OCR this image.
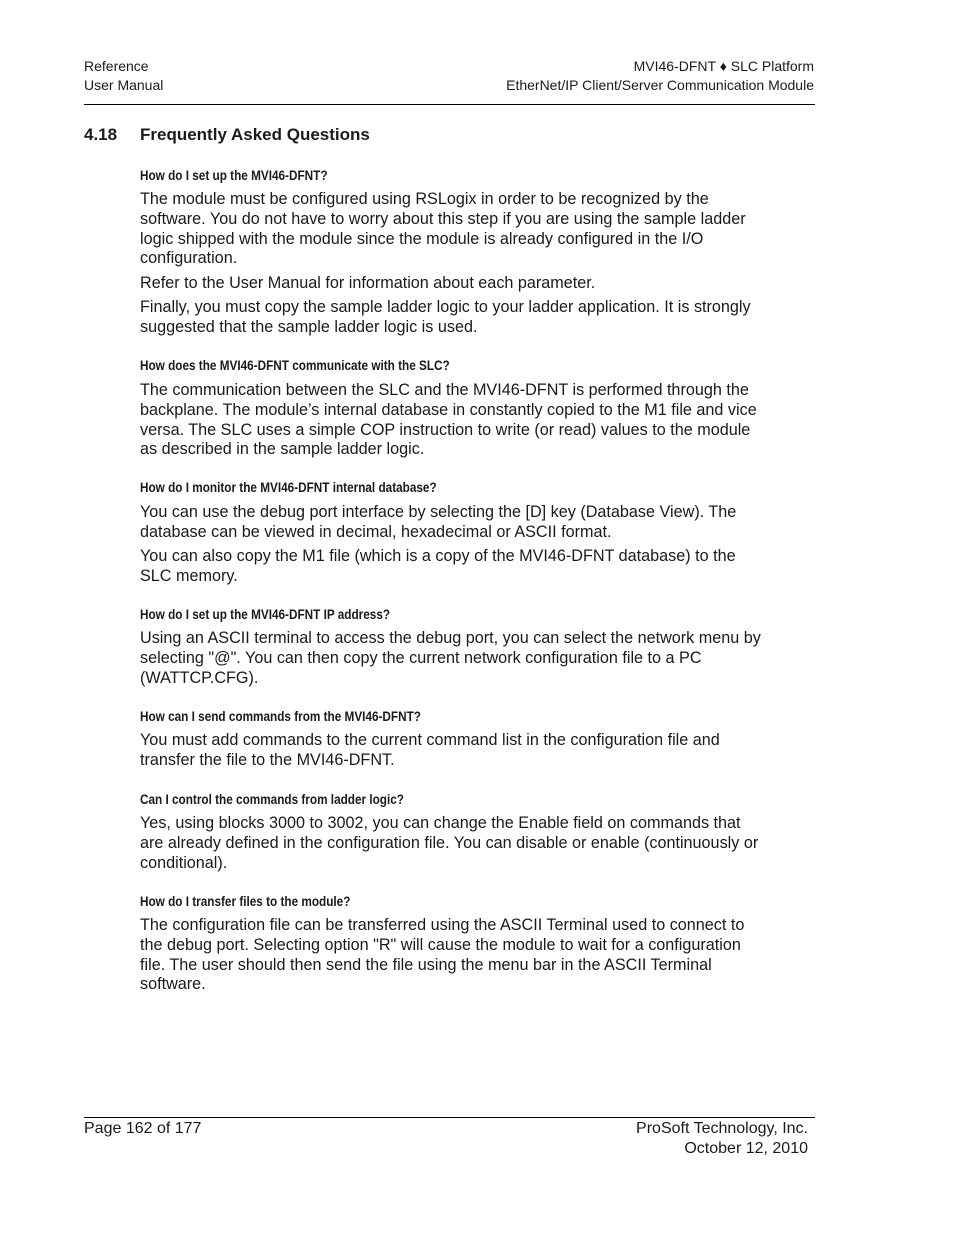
Reference
User Manual
MVI46-DFNT ♦ SLC Platform
EtherNet/IP Client/Server Communication Module
4.18 Frequently Asked Questions
How do I set up the MVI46-DFNT?
The module must be configured using RSLogix in order to be recognized by the software. You do not have to worry about this step if you are using the sample ladder logic shipped with the module since the module is already configured in the I/O configuration.
Refer to the User Manual for information about each parameter.
Finally, you must copy the sample ladder logic to your ladder application. It is strongly suggested that the sample ladder logic is used.
How does the MVI46-DFNT communicate with the SLC?
The communication between the SLC and the MVI46-DFNT is performed through the backplane. The module’s internal database in constantly copied to the M1 file and vice versa. The SLC uses a simple COP instruction to write (or read) values to the module as described in the sample ladder logic.
How do I monitor the MVI46-DFNT internal database?
You can use the debug port interface by selecting the [D] key (Database View). The database can be viewed in decimal, hexadecimal or ASCII format.
You can also copy the M1 file (which is a copy of the MVI46-DFNT database) to the SLC memory.
How do I set up the MVI46-DFNT IP address?
Using an ASCII terminal to access the debug port, you can select the network menu by selecting "@". You can then copy the current network configuration file to a PC (WATTCP.CFG).
How can I send commands from the MVI46-DFNT?
You must add commands to the current command list in the configuration file and transfer the file to the MVI46-DFNT.
Can I control the commands from ladder logic?
Yes, using blocks 3000 to 3002, you can change the Enable field on commands that are already defined in the configuration file. You can disable or enable (continuously or conditional).
How do I transfer files to the module?
The configuration file can be transferred using the ASCII Terminal used to connect to the debug port. Selecting option "R" will cause the module to wait for a configuration file. The user should then send the file using the menu bar in the ASCII Terminal software.
Page 162 of 177	ProSoft Technology, Inc.
October 12, 2010
